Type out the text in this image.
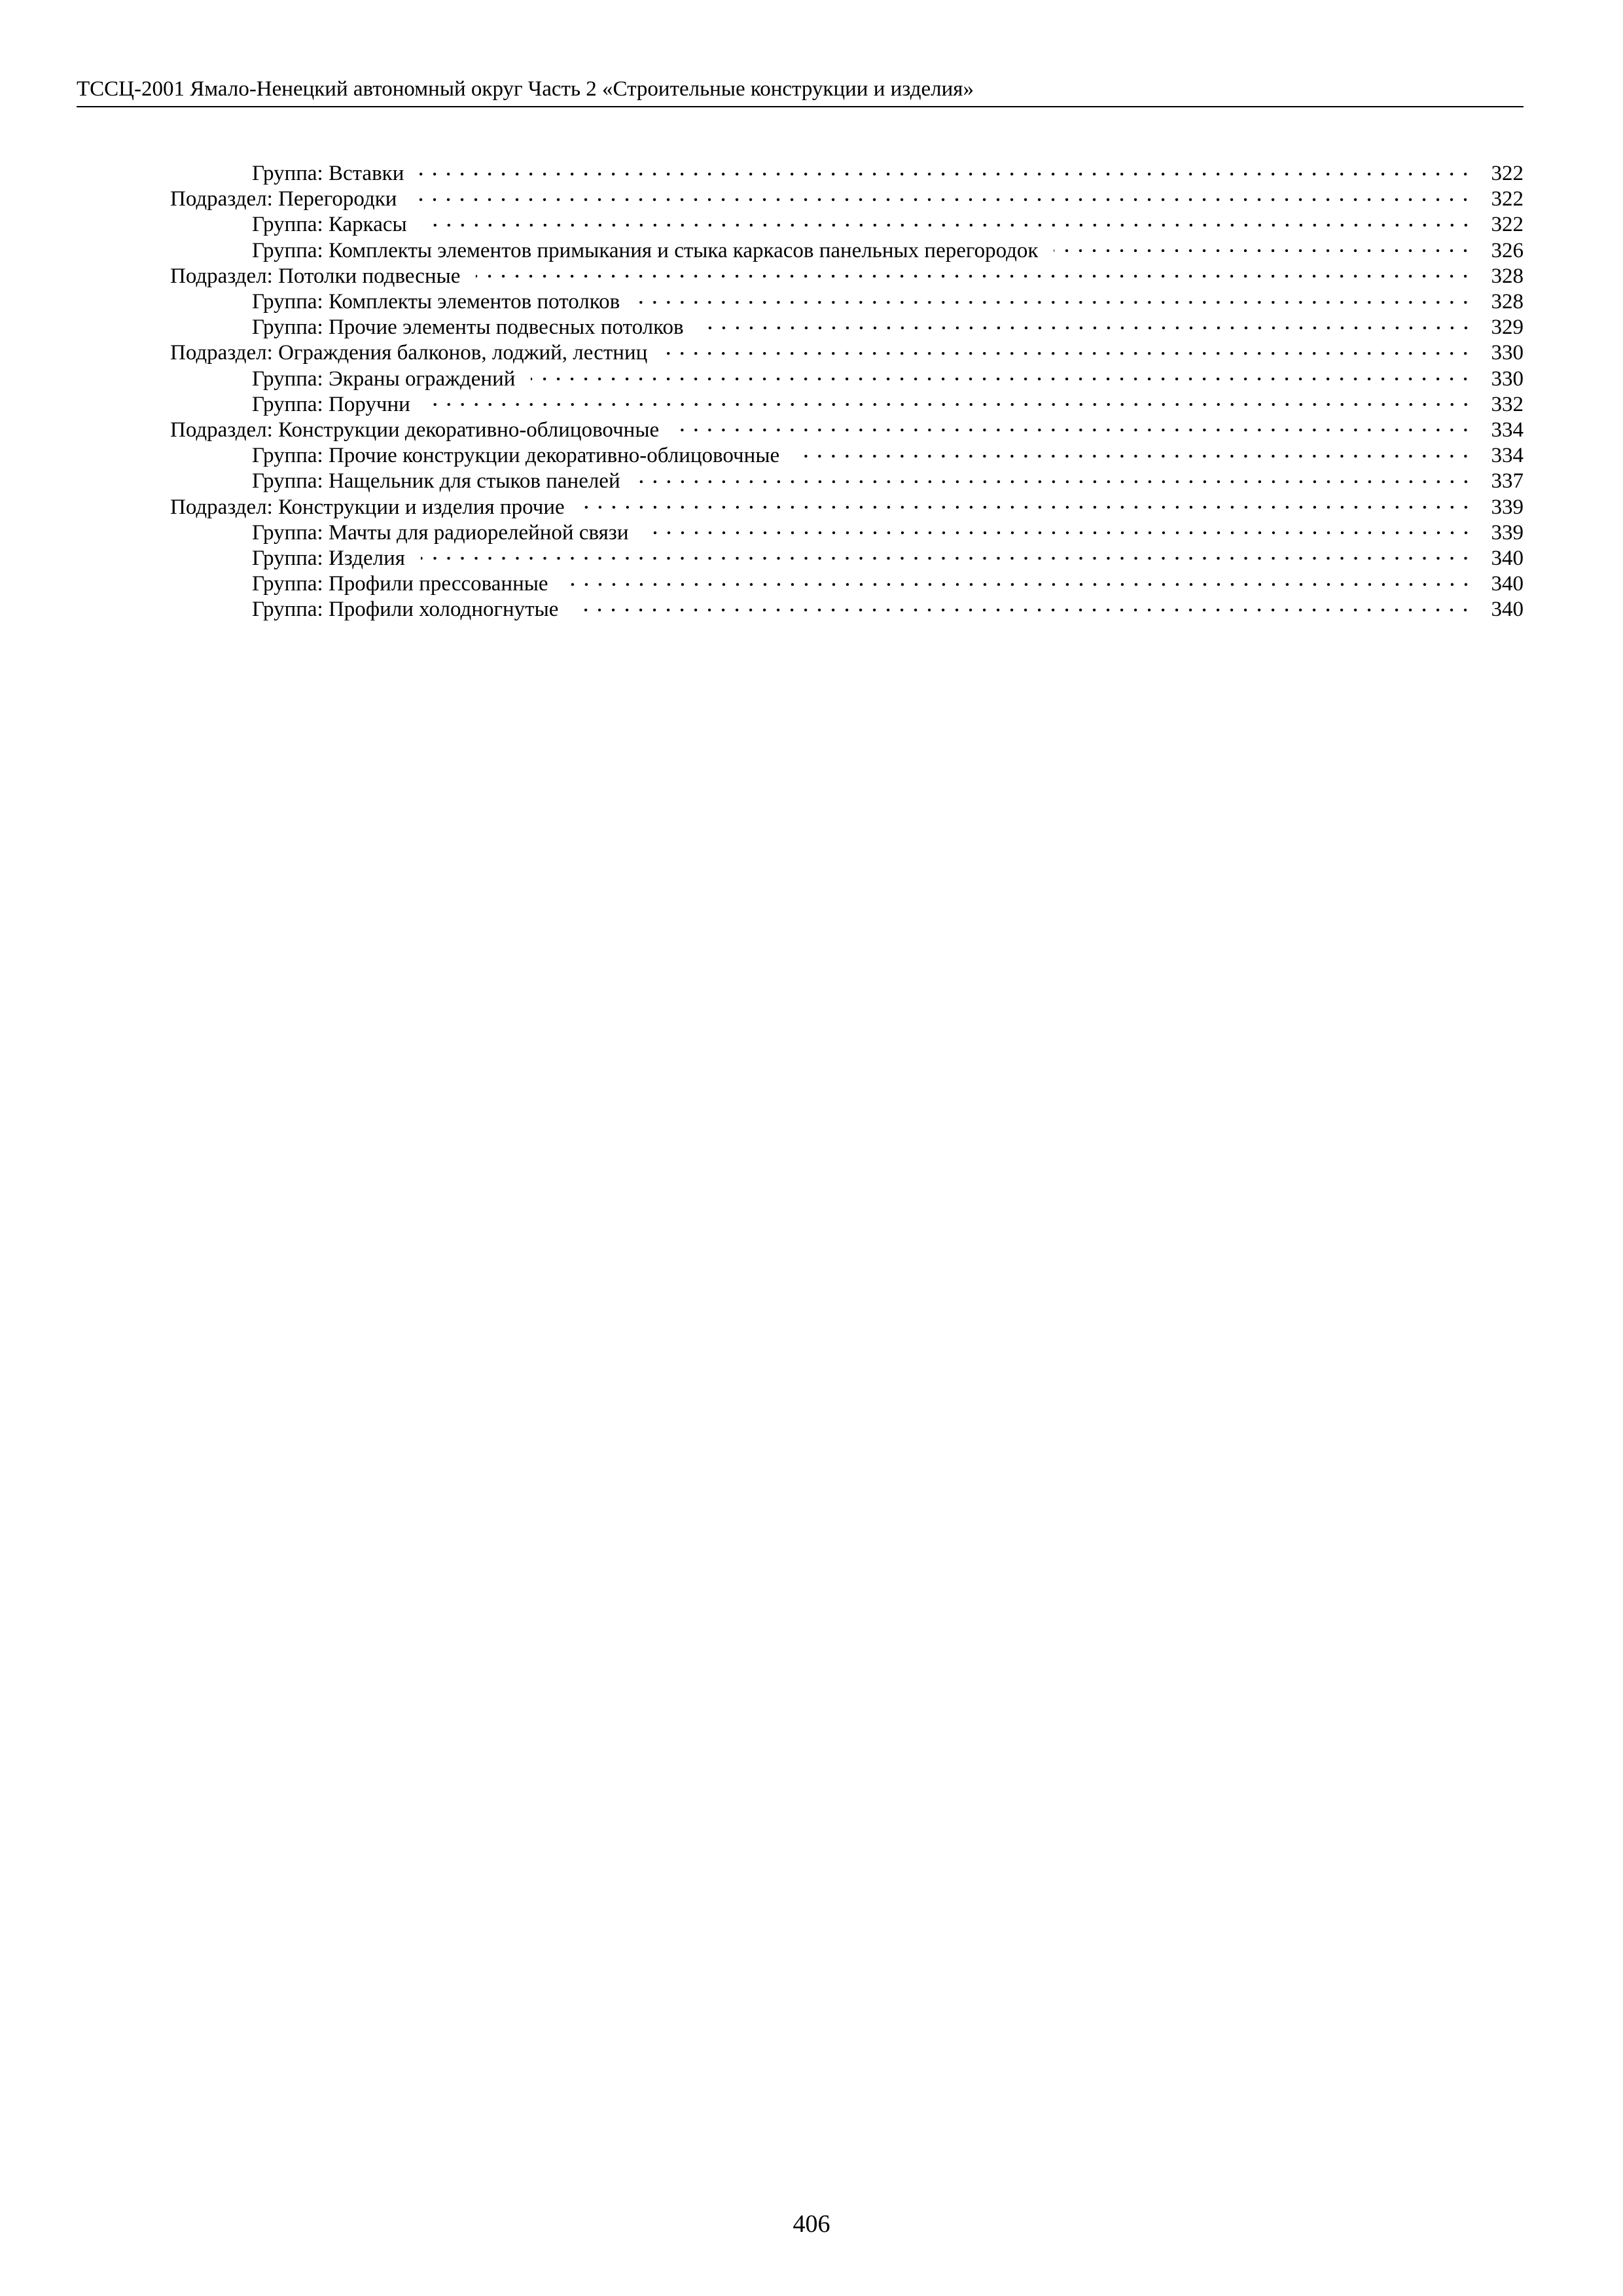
ТССЦ-2001 Ямало-Ненецкий автономный округ Часть 2 «Строительные конструкции и изделия»
Группа: Вставки	322
Подраздел: Перегородки	322
Группа: Каркасы	322
Группа: Комплекты элементов примыкания и стыка каркасов панельных перегородок	326
Подраздел: Потолки подвесные	328
Группа: Комплекты элементов потолков	328
Группа: Прочие элементы подвесных потолков	329
Подраздел: Ограждения балконов, лоджий, лестниц	330
Группа: Экраны ограждений	330
Группа: Поручни	332
Подраздел: Конструкции декоративно-облицовочные	334
Группа: Прочие конструкции декоративно-облицовочные	334
Группа: Нащельник для стыков панелей	337
Подраздел: Конструкции и изделия прочие	339
Группа: Мачты для радиорелейной связи	339
Группа: Изделия	340
Группа: Профили прессованные	340
Группа: Профили холодногнутые	340
406
